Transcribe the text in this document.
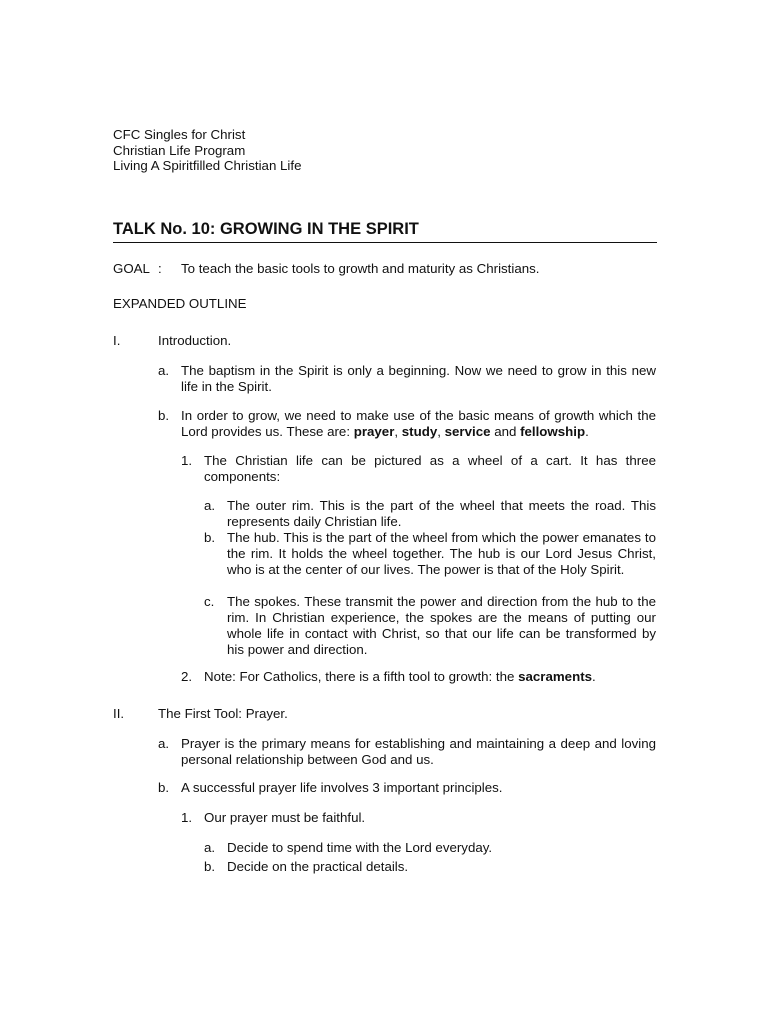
CFC Singles for Christ
Christian Life Program
Living A Spiritfilled Christian Life
TALK No. 10: GROWING IN THE SPIRIT
GOAL : To teach the basic tools to growth and maturity as Christians.
EXPANDED OUTLINE
I.	Introduction.
a. The baptism in the Spirit is only a beginning. Now we need to grow in this new life in the Spirit.
b. In order to grow, we need to make use of the basic means of growth which the Lord provides us. These are: prayer, study, service and fellowship.
1. The Christian life can be pictured as a wheel of a cart. It has three components:
a. The outer rim. This is the part of the wheel that meets the road. This represents daily Christian life.
b. The hub. This is the part of the wheel from which the power emanates to the rim. It holds the wheel together. The hub is our Lord Jesus Christ, who is at the center of our lives. The power is that of the Holy Spirit.
c. The spokes. These transmit the power and direction from the hub to the rim. In Christian experience, the spokes are the means of putting our whole life in contact with Christ, so that our life can be transformed by his power and direction.
2. Note: For Catholics, there is a fifth tool to growth: the sacraments.
II.	The First Tool: Prayer.
a. Prayer is the primary means for establishing and maintaining a deep and loving personal relationship between God and us.
b. A successful prayer life involves 3 important principles.
1. Our prayer must be faithful.
a. Decide to spend time with the Lord everyday.
b. Decide on the practical details.
